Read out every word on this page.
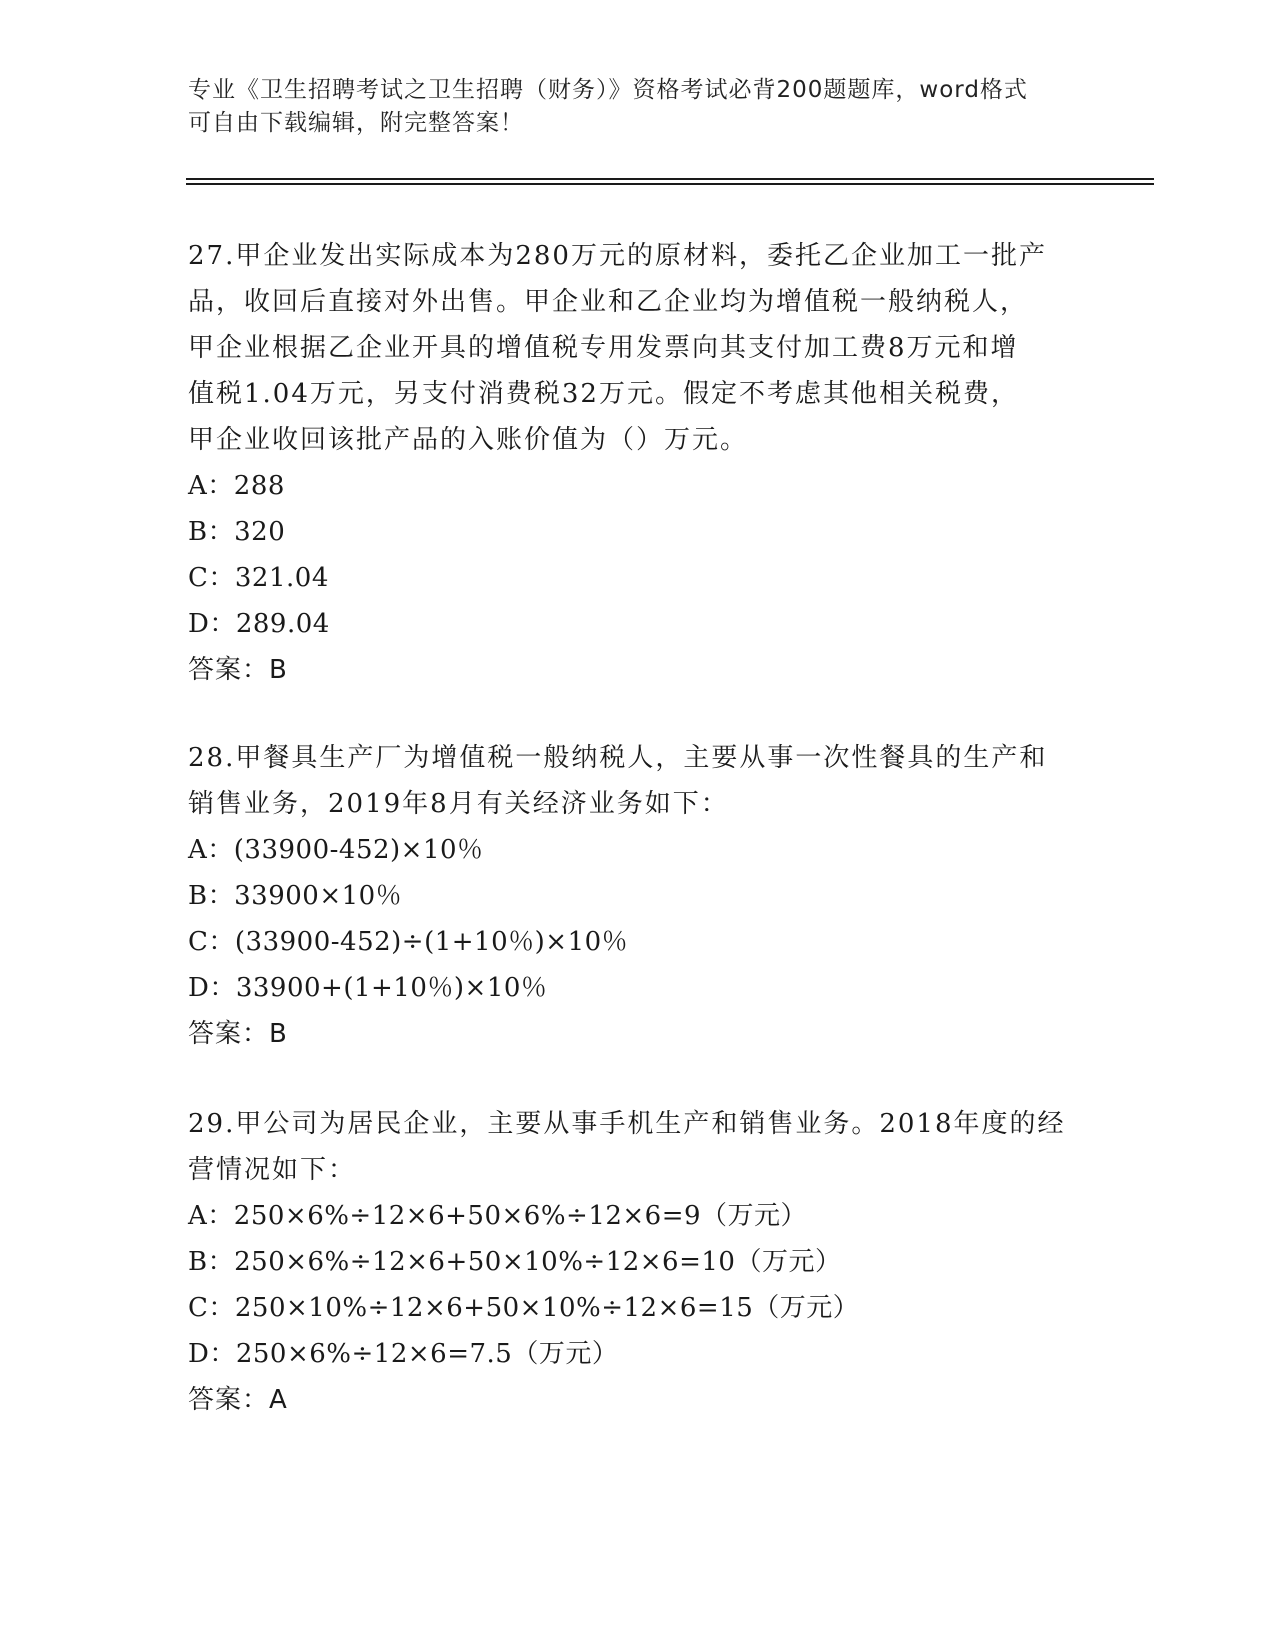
专业《卫生招聘考试之卫生招聘（财务）》资格考试必背200题题库，word格式
可自由下载编辑，附完整答案！
27.甲企业发出实际成本为280万元的原材料，委托乙企业加工一批产
品，收回后直接对外出售。甲企业和乙企业均为增值税一般纳税人，
甲企业根据乙企业开具的增值税专用发票向其支付加工费8万元和增
值税1.04万元，另支付消费税32万元。假定不考虑其他相关税费，
甲企业收回该批产品的入账价值为（）万元。
A：288
B：320
C：321.04
D：289.04
答案：B
28.甲餐具生产厂为增值税一般纳税人，主要从事一次性餐具的生产和
销售业务，2019年8月有关经济业务如下：
A：(33900-452)×10％
B：33900×10％
C：(33900-452)÷(1+10％)×10％
D：33900+(1+10％)×10％
答案：B
29.甲公司为居民企业，主要从事手机生产和销售业务。2018年度的经
营情况如下：
A：250×6%÷12×6+50×6%÷12×6=9（万元）
B：250×6%÷12×6+50×10%÷12×6=10（万元）
C：250×10%÷12×6+50×10%÷12×6=15（万元）
D：250×6%÷12×6=7.5（万元）
答案：A
